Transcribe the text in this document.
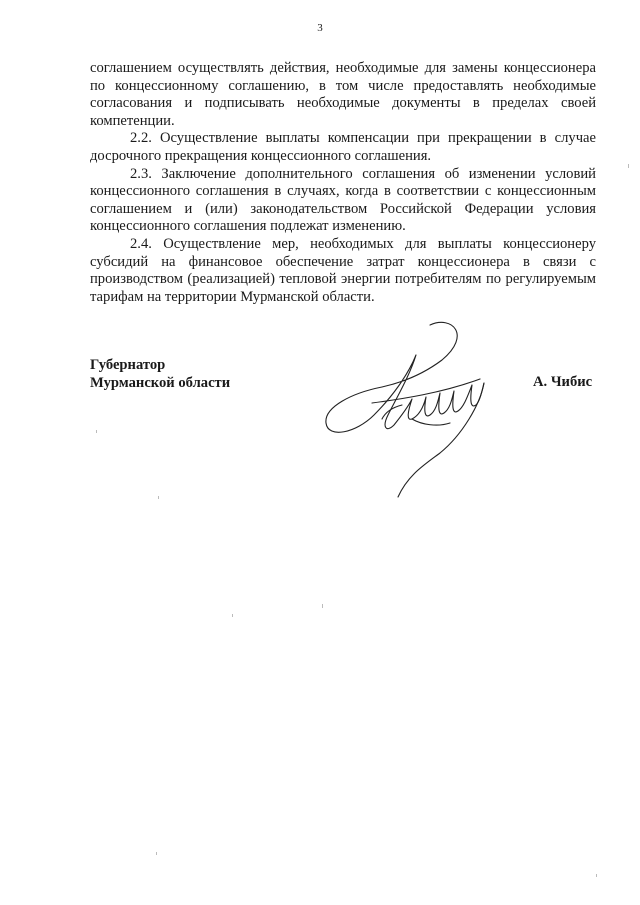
3

соглашением осуществлять действия, необходимые для замены концессионера по концессионному соглашению, в том числе предоставлять необходимые согласования и подписывать необходимые документы в пределах своей компетенции.

2.2. Осуществление выплаты компенсации при прекращении в случае досрочного прекращения концессионного соглашения.

2.3. Заключение дополнительного соглашения об изменении условий концессионного соглашения в случаях, когда в соответствии с концессионным соглашением и (или) законодательством Российской Федерации условия концессионного соглашения подлежат изменению.

2.4. Осуществление мер, необходимых для выплаты концессионеру субсидий на финансовое обеспечение затрат концессионера в связи с производством (реализацией) тепловой энергии потребителям по регулируемым тарифам на территории Мурманской области.

Губернатор
Мурманской области	А. Чибис
